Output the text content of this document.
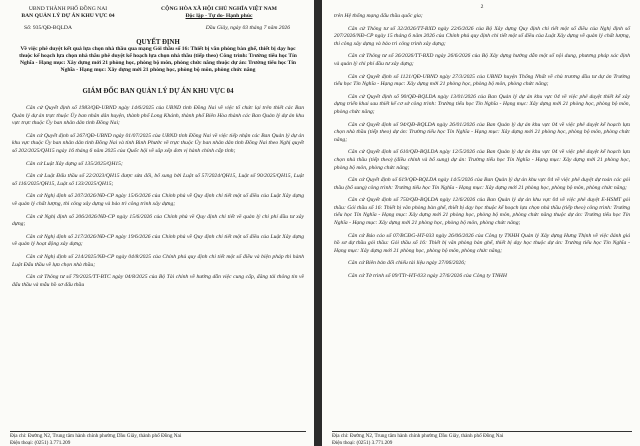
UBND THÀNH PHỐ ĐỒNG NAI
BAN QUẢN LÝ DỰ ÁN KHU VỰC 04
CỘNG HÒA XÃ HỘI CHỦ NGHĨA VIỆT NAM
Độc lập - Tự do- Hạnh phúc
Số: 935/QĐ-BQLDA	Dầu Giây, ngày 03 tháng 7 năm 2026
QUYẾT ĐỊNH
Về việc phê duyệt kết quả lựa chọn nhà thầu qua mạng Gói thầu số 16: Thiết bị văn phòng bàn ghế, thiết bị dạy học thuộc kế hoạch lựa chọn nhà thầu phê duyệt kế hoạch lựa chọn nhà thầu (tiếp theo) Công trình: Trường tiểu học Tín Nghĩa - Hạng mục: Xây dựng mới 21 phòng học, phòng bộ môn, phòng chức năng thuộc dự án: Trường tiểu học Tín Nghĩa - Hạng mục: Xây dựng mới 21 phòng học, phòng bộ môn, phòng chức năng
GIÁM ĐỐC BAN QUẢN LÝ DỰ ÁN KHU VỰC 04

Căn cứ Quyết định số 1983/QĐ-UBND ngày 14/6/2025 của UBND tỉnh Đồng Nai về việc tổ chức lại trên thiết các Ban Quản lý dự án trực thuộc Ủy ban nhân dân huyện, thành phố Long Khánh, thành phố Biên Hòa thành các Ban Quản lý dự án khu vực trực thuộc Ủy ban nhân dân tỉnh Đồng Nai;

Căn cứ Quyết định số 267/QĐ-UBND ngày 01/07/2025 của UBND tỉnh Đồng Nai về việc tiếp nhận các Ban Quản lý dự án khu vực thuộc Ủy ban nhân dân tỉnh Đồng Nai và tỉnh Bình Phước về trực thuộc Ủy ban nhân dân tỉnh Đồng Nai theo Nghị quyết số 202/2025/QH15 ngày 16 tháng 6 năm 2025 của Quốc hội về sắp xếp đơn vị hành chính cấp tỉnh;

Căn cứ Luật Xây dựng số 135/2025/QH15;

Căn cứ Luật Đấu thầu số 22/2023/QH15 được sửa đổi, bổ sung bởi Luật số 57/2024/QH15, Luật số 90/2025/QH15, Luật số 116/2025/QH15, Luật số 133/2025/QH15;

Căn cứ Nghị định số 207/2026/NĐ-CP ngày 15/6/2026 của Chính phủ về Quy định chi tiết một số điều của Luật Xây dựng về quản lý chất lượng, thi công xây dựng và bảo trì công trình xây dựng;

Căn cứ Nghị định số 206/2026/NĐ-CP ngày 15/6/2026 của Chính phủ về Quy định chi tiết về quản lý chi phí đầu tư xây dựng;

Căn cứ Nghị định số 217/2026/NĐ-CP ngày 19/6/2026 của Chính phủ về Quy định chi tiết một số điều của Luật Xây dựng về quản lý hoạt động xây dựng;

Căn cứ Nghị định số 214/2025/NĐ-CP ngày 04/8/2025 của Chính phủ quy định chi tiết một số điều và biện pháp thi hành Luật Đấu thầu về lựa chọn nhà thầu;

Căn cứ Thông tư số 79/2025/TT-BTC ngày 04/8/2025 của Bộ Tài chính về hướng dẫn việc cung cấp, đăng tải thông tin về đấu thầu và mẫu hồ sơ đấu thầu

Địa chỉ: Đường N2, Trung tâm hành chính phường Dầu Giây, thành phố Đồng Nai
Điện thoại: (0251) 3.771.209
2

trên Hệ thống mạng đấu thầu quốc gia;

Căn cứ Thông tư số 32/2026/TT-BXD ngày 22/6/2026 của Bộ Xây dựng Quy định chi tiết một số điều của Nghị định số 207/2026/NĐ-CP ngày 15 tháng 6 năm 2026 của Chính phủ quy định chi tiết một số điều của Luật Xây dựng về quản lý chất lượng, thi công xây dựng và bảo trì công trình xây dựng;

Căn cứ Thông tư số 36/2026/TT-BXD ngày 26/6/2026 của Bộ Xây dựng hướng dẫn một số nội dung, phương pháp xác định và quản lý chi phí đầu tư xây dựng;

Căn cứ Quyết định số 1121/QĐ-UBND ngày 27/3/2025 của UBND huyện Thống Nhất về chủ trương đầu tư dự án Trường tiểu học Tín Nghĩa - Hạng mục: Xây dựng mới 21 phòng học, phòng bộ môn, phòng chức năng;

Căn cứ Quyết định số 90/QĐ-BQLDA ngày 13/01/2026 của Ban Quản lý dự án khu vực 04 về việc phê duyệt thiết kế xây dựng triển khai sau thiết kế cơ sở công trình: Trường tiểu học Tín Nghĩa - Hạng mục: Xây dựng mới 21 phòng học, phòng bộ môn, phòng chức năng;

Căn cứ Quyết định số 94/QĐ-BQLDA ngày 26/01/2026 của Ban Quản lý dự án khu vực 04 về việc phê duyệt kế hoạch lựa chọn nhà thầu (tiếp theo) dự án: Trường tiểu học Tín Nghĩa - Hạng mục: Xây dựng mới 21 phòng học, phòng bộ môn, phòng chức năng;

Căn cứ Quyết định số 610/QĐ-BQLDA ngày 12/5/2026 của Ban Quản lý dự án khu vực 04 về việc phê duyệt kế hoạch lựa chọn nhà thầu (tiếp theo) (điều chỉnh và bổ sung) dự án: Trường tiểu học Tín Nghĩa - Hạng mục: Xây dựng mới 21 phòng học, phòng bộ môn, phòng chức năng;

Căn cứ Quyết định số 619/QĐ-BQLDA ngày 14/5/2026 của Ban Quản lý dự án khu vực 04 về việc phê duyệt dự toán các gói thầu (bổ sung) công trình: Trường tiểu học Tín Nghĩa - Hạng mục: Xây dựng mới 21 phòng học, phòng bộ môn, phòng chức năng;

Căn cứ Quyết định số 750/QĐ-BQLDA ngày 12/6/2026 của Ban Quản lý dự án khu vực 04 về việc phê duyệt E-HSMT gói thầu: Gói thầu số 16: Thiết bị văn phòng bàn ghế, thiết bị dạy học thuộc kế hoạch lựa chọn nhà thầu (tiếp theo) công trình: Trường tiểu học Tín Nghĩa - Hạng mục: Xây dựng mới 21 phòng học, phòng bộ môn, phòng chức năng thuộc dự án: Trường tiểu học Tín Nghĩa - Hạng mục: Xây dựng mới 21 phòng học, phòng bộ môn, phòng chức năng;

Căn cứ Báo cáo số 07/BCĐG-HT-033 ngày 26/06/2026 của Công ty TNHH Quản lý Xây dựng Hưng Thịnh về việc đánh giá hồ sơ dự thầu gói thầu: Gói thầu số 16: Thiết bị văn phòng bàn ghế, thiết bị dạy học thuộc dự án: Trường tiểu học Tín Nghĩa - Hạng mục: Xây dựng mới 21 phòng học, phòng bộ môn, phòng chức năng;

Căn cứ Biên bản đối chiếu tài liệu ngày 27/06/2026;

Căn cứ Tờ trình số 09/TTr-HT-033 ngày 27/6/2026 của Công ty TNHH

Địa chỉ: Đường N2, Trung tâm hành chính phường Dầu Giây, thành phố Đồng Nai
Điện thoại: (0251) 3.771.209
